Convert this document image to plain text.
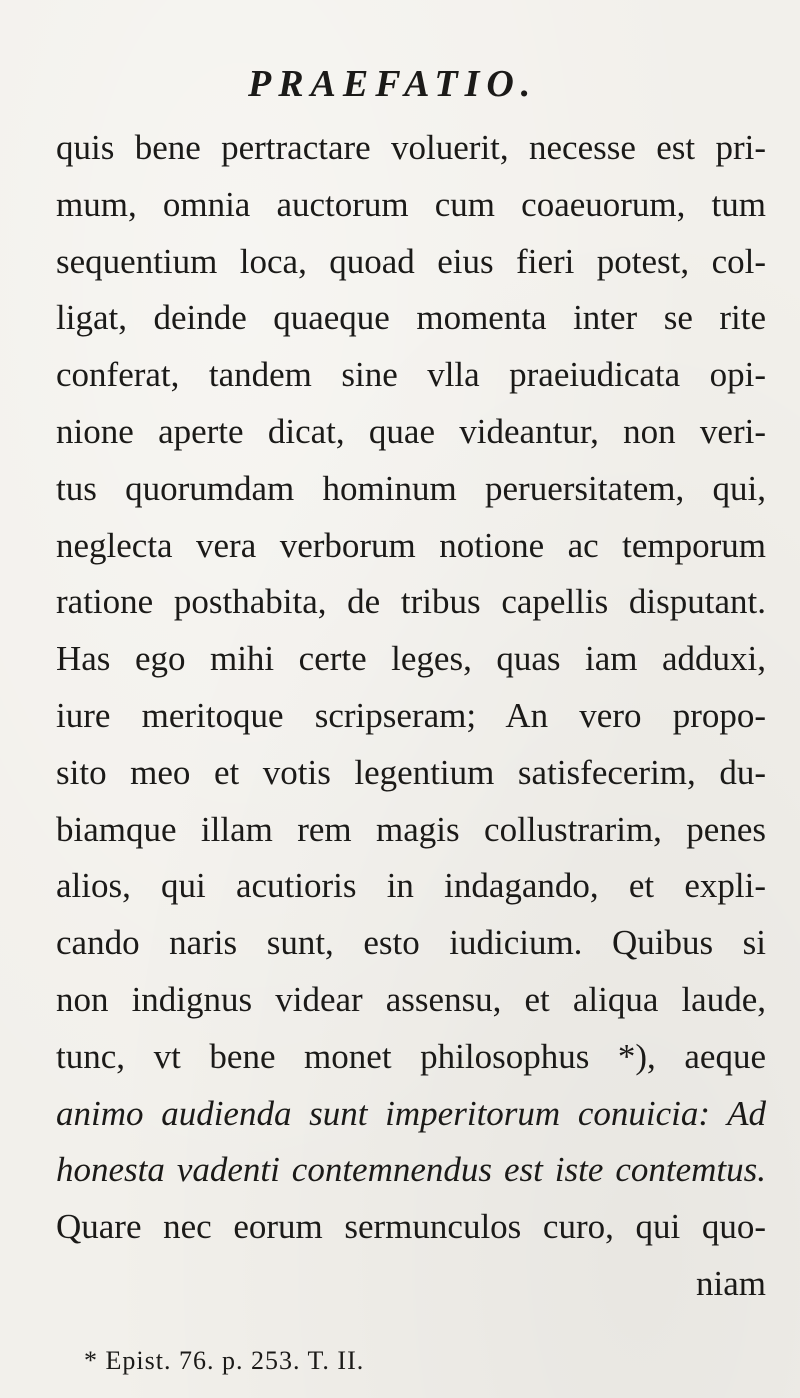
PRAEFATIO.
quis bene pertractare voluerit, necesse est pri-
mum, omnia auctorum cum coaeuorum, tum
sequentium loca, quoad eius fieri potest, col-
ligat, deinde quaeque momenta inter se rite
conferat, tandem sine vlla praeiudicata opi-
nione aperte dicat, quae videantur, non veri-
tus quorumdam hominum peruersitatem, qui,
neglecta vera verborum notione ac temporum
ratione posthabita, de tribus capellis disputant.
Has ego mihi certe leges, quas iam adduxi,
iure meritoque scripseram; An vero propo-
sito meo et votis legentium satisfecerim, du-
biamque illam rem magis collustrarim, penes
alios, qui acutioris in indagando, et expli-
cando naris sunt, esto iudicium. Quibus si
non indignus videar assensu, et aliqua laude,
tunc, vt bene monet philosophus *), aeque
animo audienda sunt imperitorum conuicia: Ad
honesta vadenti contemnendus est iste contemtus.
Quare nec eorum sermunculos curo, qui quo-
niam
* Epist. 76. p. 253. T. II.
